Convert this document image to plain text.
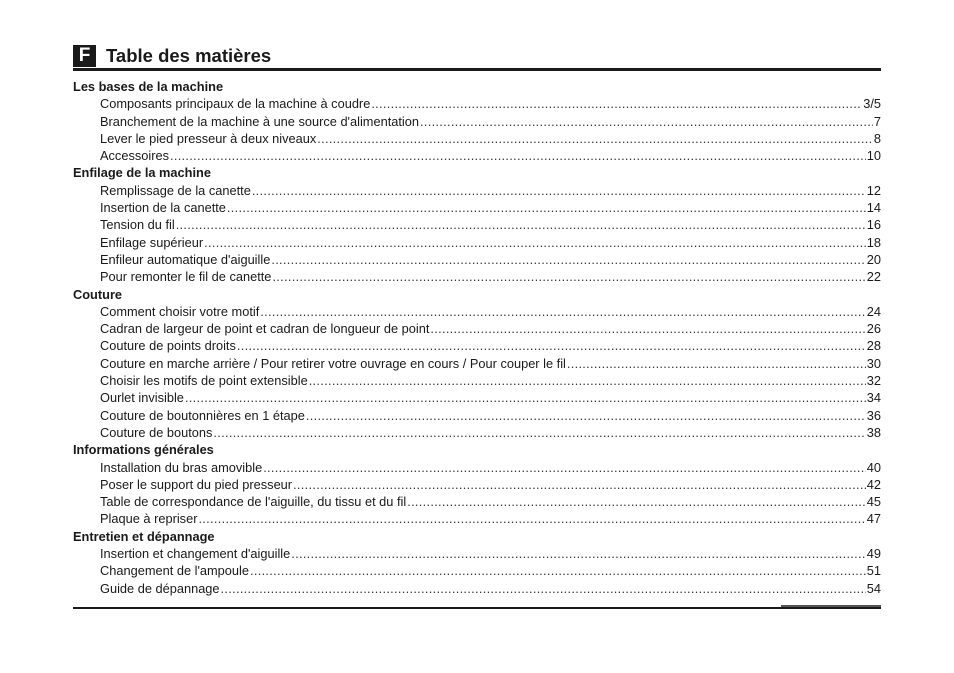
F Table des matières
Les bases de la machine
Composants principaux de la machine à coudre .....	3/5
Branchement de la machine à une source d'alimentation .....	7
Lever le pied presseur à deux niveaux .....	8
Accessoires .....	10
Enfilage de la machine
Remplissage de la canette .....	12
Insertion de la canette .....	14
Tension du fil .....	16
Enfilage supérieur .....	18
Enfileur automatique d'aiguille .....	20
Pour remonter le fil de canette .....	22
Couture
Comment choisir votre motif .....	24
Cadran de largeur de point et cadran de longueur de point .....	26
Couture de points droits .....	28
Couture en marche arrière / Pour retirer votre ouvrage en cours / Pour couper le fil .....	30
Choisir les motifs de point extensible .....	32
Ourlet invisible .....	34
Couture de boutonnières en 1 étape .....	36
Couture de boutons .....	38
Informations générales
Installation du bras amovible .....	40
Poser le support du pied presseur .....	42
Table de correspondance de l'aiguille, du tissu et du fil .....	45
Plaque à repriser .....	47
Entretien et dépannage
Insertion et changement d'aiguille .....	49
Changement de l'ampoule .....	51
Guide de dépannage .....	54
